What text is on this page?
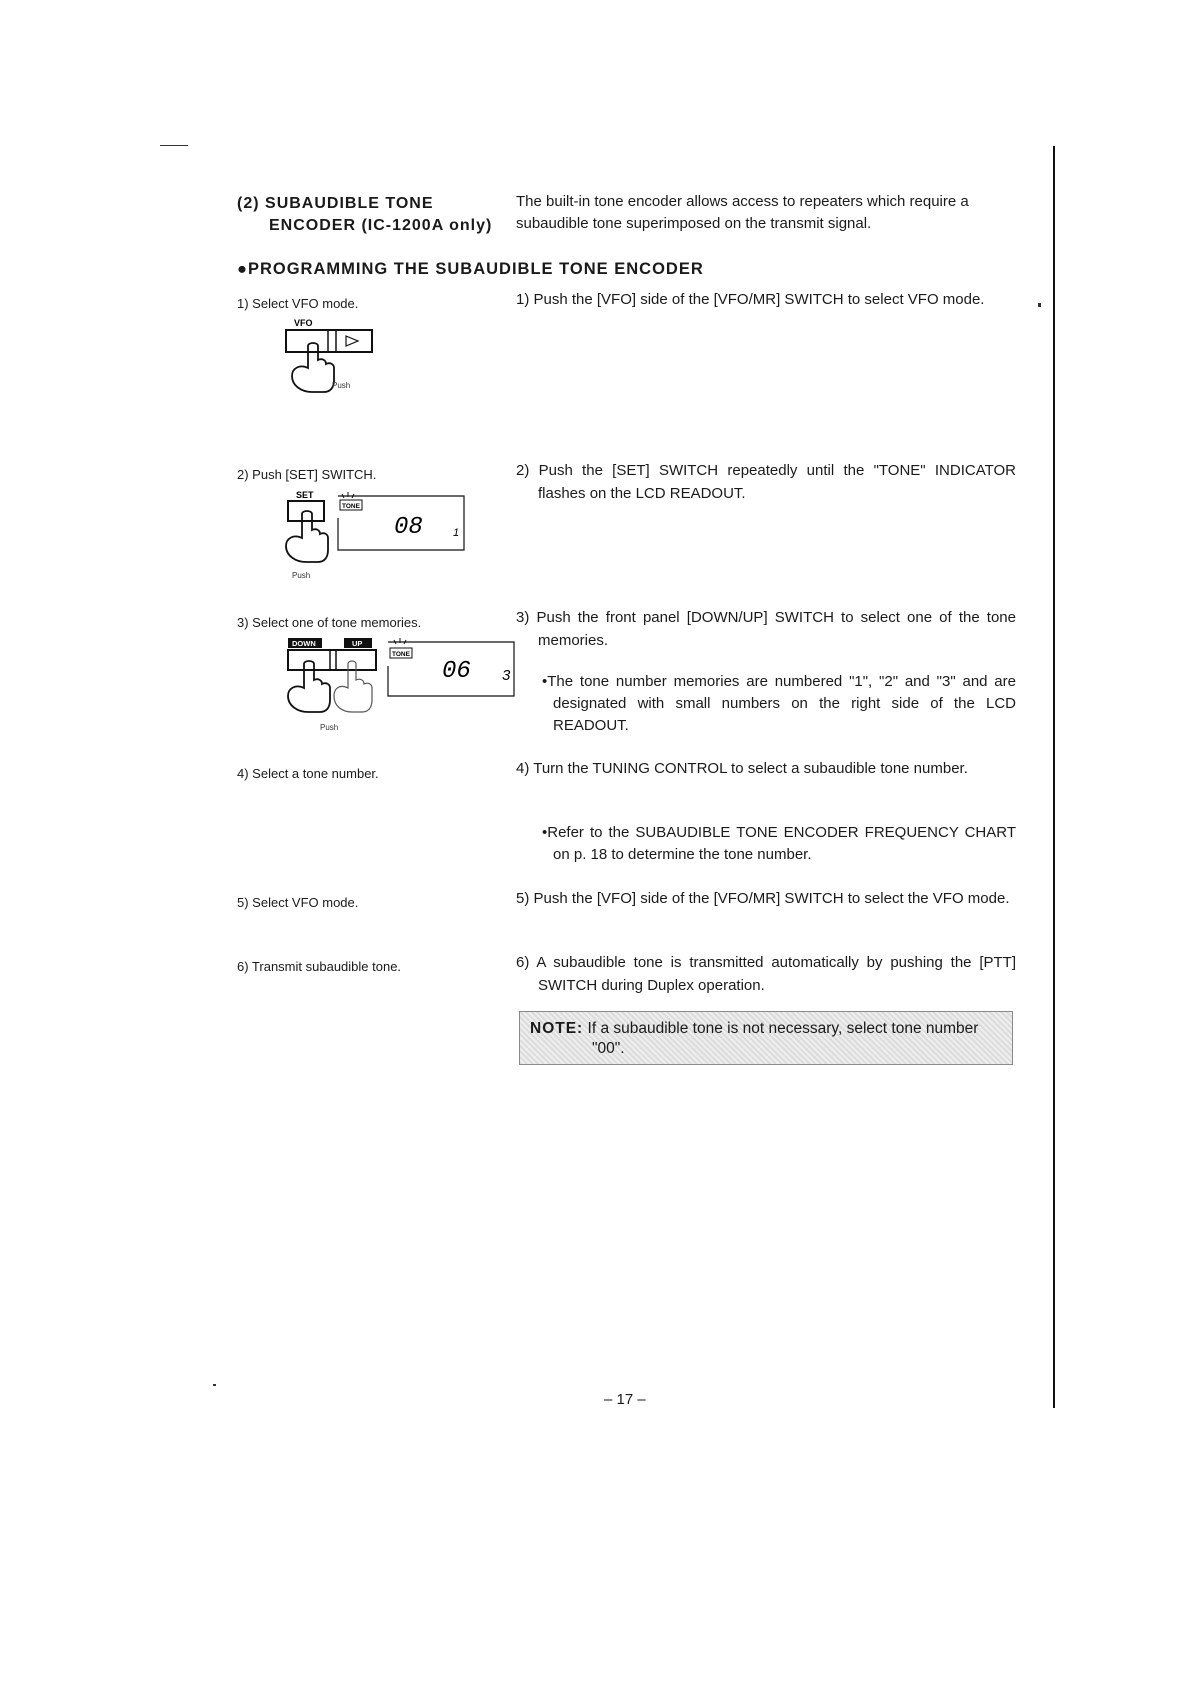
(2) SUBAUDIBLE TONE
ENCODER (IC-1200A only)
The built-in tone encoder allows access to repeaters which require a
subaudible tone superimposed on the transmit signal.
●PROGRAMMING THE SUBAUDIBLE TONE ENCODER
1) Select VFO mode.	1) Push the [VFO] side of the [VFO/MR] SWITCH to select VFO mode.
VFO
Push
2) Push [SET] SWITCH.	2) Push the [SET] SWITCH repeatedly until the "TONE" INDICATOR flashes on the LCD READOUT.
SET
Push
TONE
08	1
3) Select one of tone memories.	3) Push the front panel [DOWN/UP] SWITCH to select one of the tone memories.
•The tone number memories are numbered "1", "2" and "3" and are designated with small numbers on the right side of the LCD READOUT.
DOWN	UP
Push
TONE
06 3
4) Select a tone number.	4) Turn the TUNING CONTROL to select a subaudible tone number.
•Refer to the SUBAUDIBLE TONE ENCODER FREQUENCY CHART on p. 18 to determine the tone number.
5) Select VFO mode.	5) Push the [VFO] side of the [VFO/MR] SWITCH to select the VFO mode.
6) Transmit subaudible tone.	6) A subaudible tone is transmitted automatically by pushing the [PTT] SWITCH during Duplex operation.
NOTE: If a subaudible tone is not necessary, select tone number
"00".
– 17 –
